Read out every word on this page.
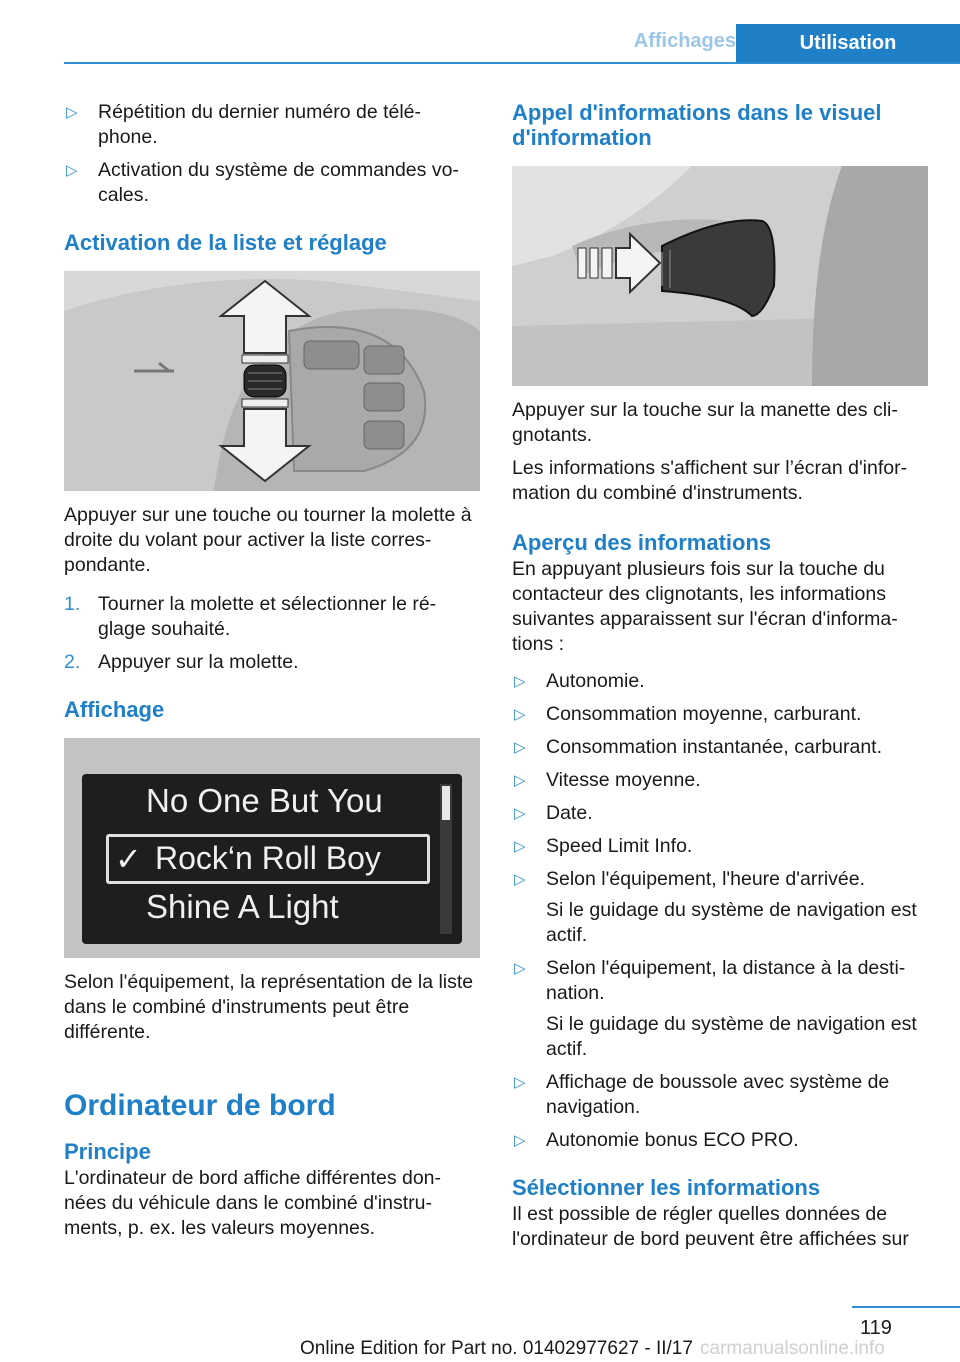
Affichages	Utilisation
▷ Répétition du dernier numéro de télé-phone.
▷ Activation du système de commandes vo-cales.
Activation de la liste et réglage

Appuyer sur une touche ou tourner la molette à droite du volant pour activer la liste corres-pondante.

1. Tourner la molette et sélectionner le ré-glage souhaité.
2. Appuyer sur la molette.
Affichage
No One But You
✓ Rock‘n Roll Boy
Shine A Light

Selon l'équipement, la représentation de la liste dans le combiné d'instruments peut être différente.

Ordinateur de bord
Principe

L'ordinateur de bord affiche différentes don-nées du véhicule dans le combiné d'instru-ments, p. ex. les valeurs moyennes.

Appel d'informations dans le visuel d'information

Appuyer sur la touche sur la manette des cli-gnotants.

Les informations s'affichent sur l’écran d'infor-mation du combiné d'instruments.

Aperçu des informations

En appuyant plusieurs fois sur la touche du contacteur des clignotants, les informations suivantes apparaissent sur l'écran d'informa-tions :

▷ Autonomie.
▷ Consommation moyenne, carburant.
▷ Consommation instantanée, carburant.
▷ Vitesse moyenne.
▷ Date.
▷ Speed Limit Info.
▷ Selon l'équipement, l'heure d'arrivée.
Si le guidage du système de navigation est actif.
▷ Selon l'équipement, la distance à la desti-nation.
Si le guidage du système de navigation est actif.
▷ Affichage de boussole avec système de navigation.
▷ Autonomie bonus ECO PRO.
Sélectionner les informations

Il est possible de régler quelles données de l'ordinateur de bord peuvent être affichées sur

119
Online Edition for Part no. 01402977627 - II/17 carmanualsonline.info
